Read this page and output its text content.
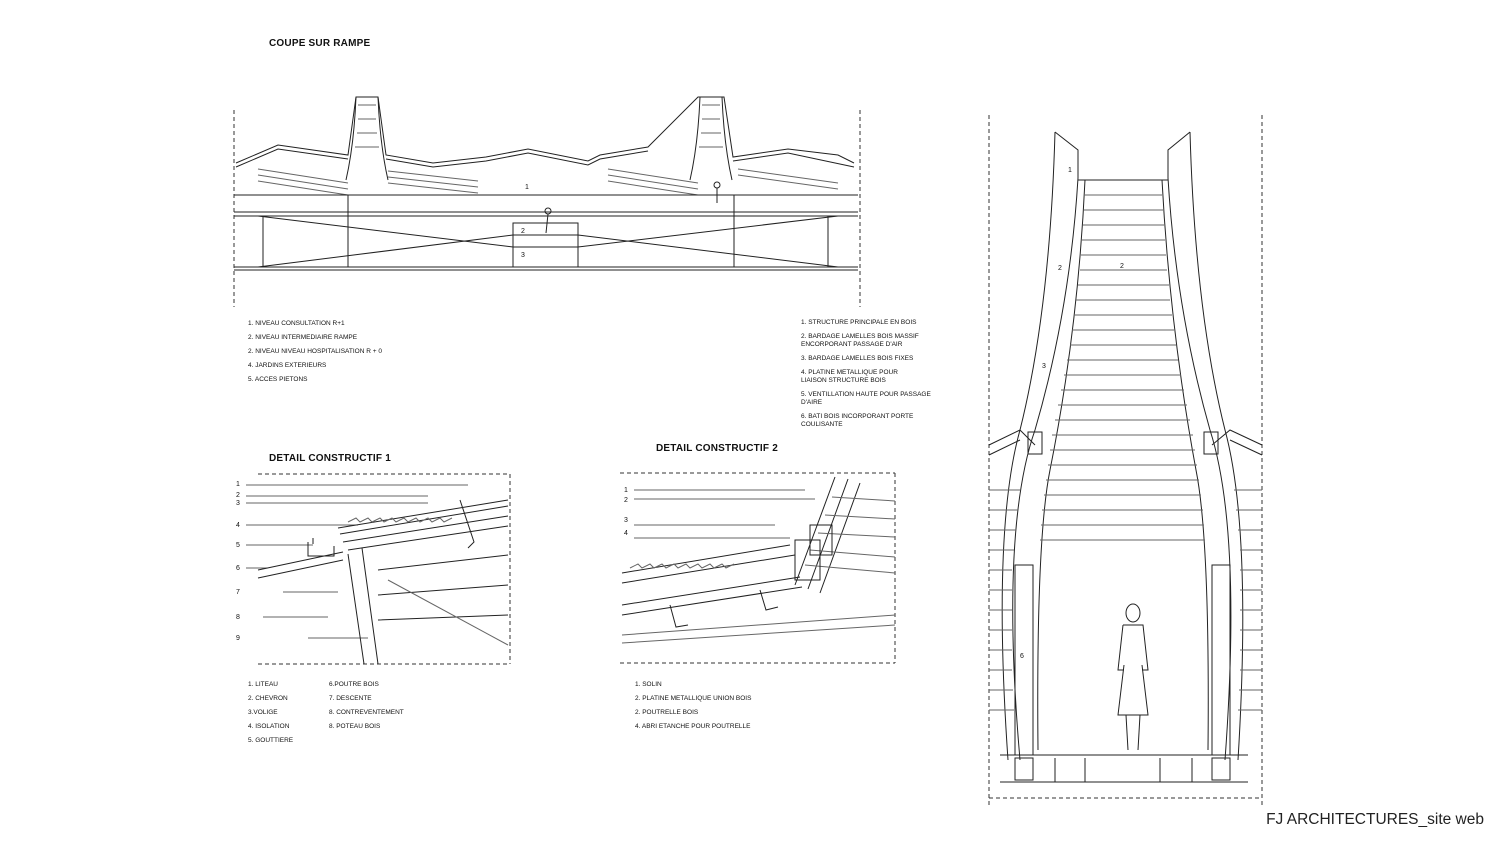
COUPE SUR RAMPE
1
2
3
1. NIVEAU CONSULTATION R+1
2. NIVEAU INTERMEDIAIRE RAMPE
2. NIVEAU NIVEAU HOSPITALISATION R + 0
4. JARDINS EXTERIEURS
5. ACCES PIETONS
1. STRUCTURE PRINCIPALE EN BOIS
2. BARDAGE LAMELLES BOIS MASSIF
ENCORPORANT PASSAGE D'AIR
3. BARDAGE LAMELLES BOIS FIXES
4. PLATINE METALLIQUE POUR
LIAISON STRUCTURE BOIS
5. VENTILLATION HAUTE POUR PASSAGE
D'AIRE
6. BATI BOIS INCORPORANT PORTE
COULISANTE
DETAIL CONSTRUCTIF 1
1
2
3
4
5
6
7
8
9
1. LITEAU
2. CHEVRON
3.VOLIGE
4. ISOLATION
5. GOUTTIERE
6.POUTRE BOIS
7. DESCENTE
8. CONTREVENTEMENT
8. POTEAU BOIS
DETAIL CONSTRUCTIF 2
1
2
3
4
1. SOLIN
2. PLATINE METALLIQUE UNION BOIS
2. POUTRELLE BOIS
4. ABRI ETANCHE POUR POUTRELLE
1
2
2
3
6
FJ ARCHITECTURES_site web
